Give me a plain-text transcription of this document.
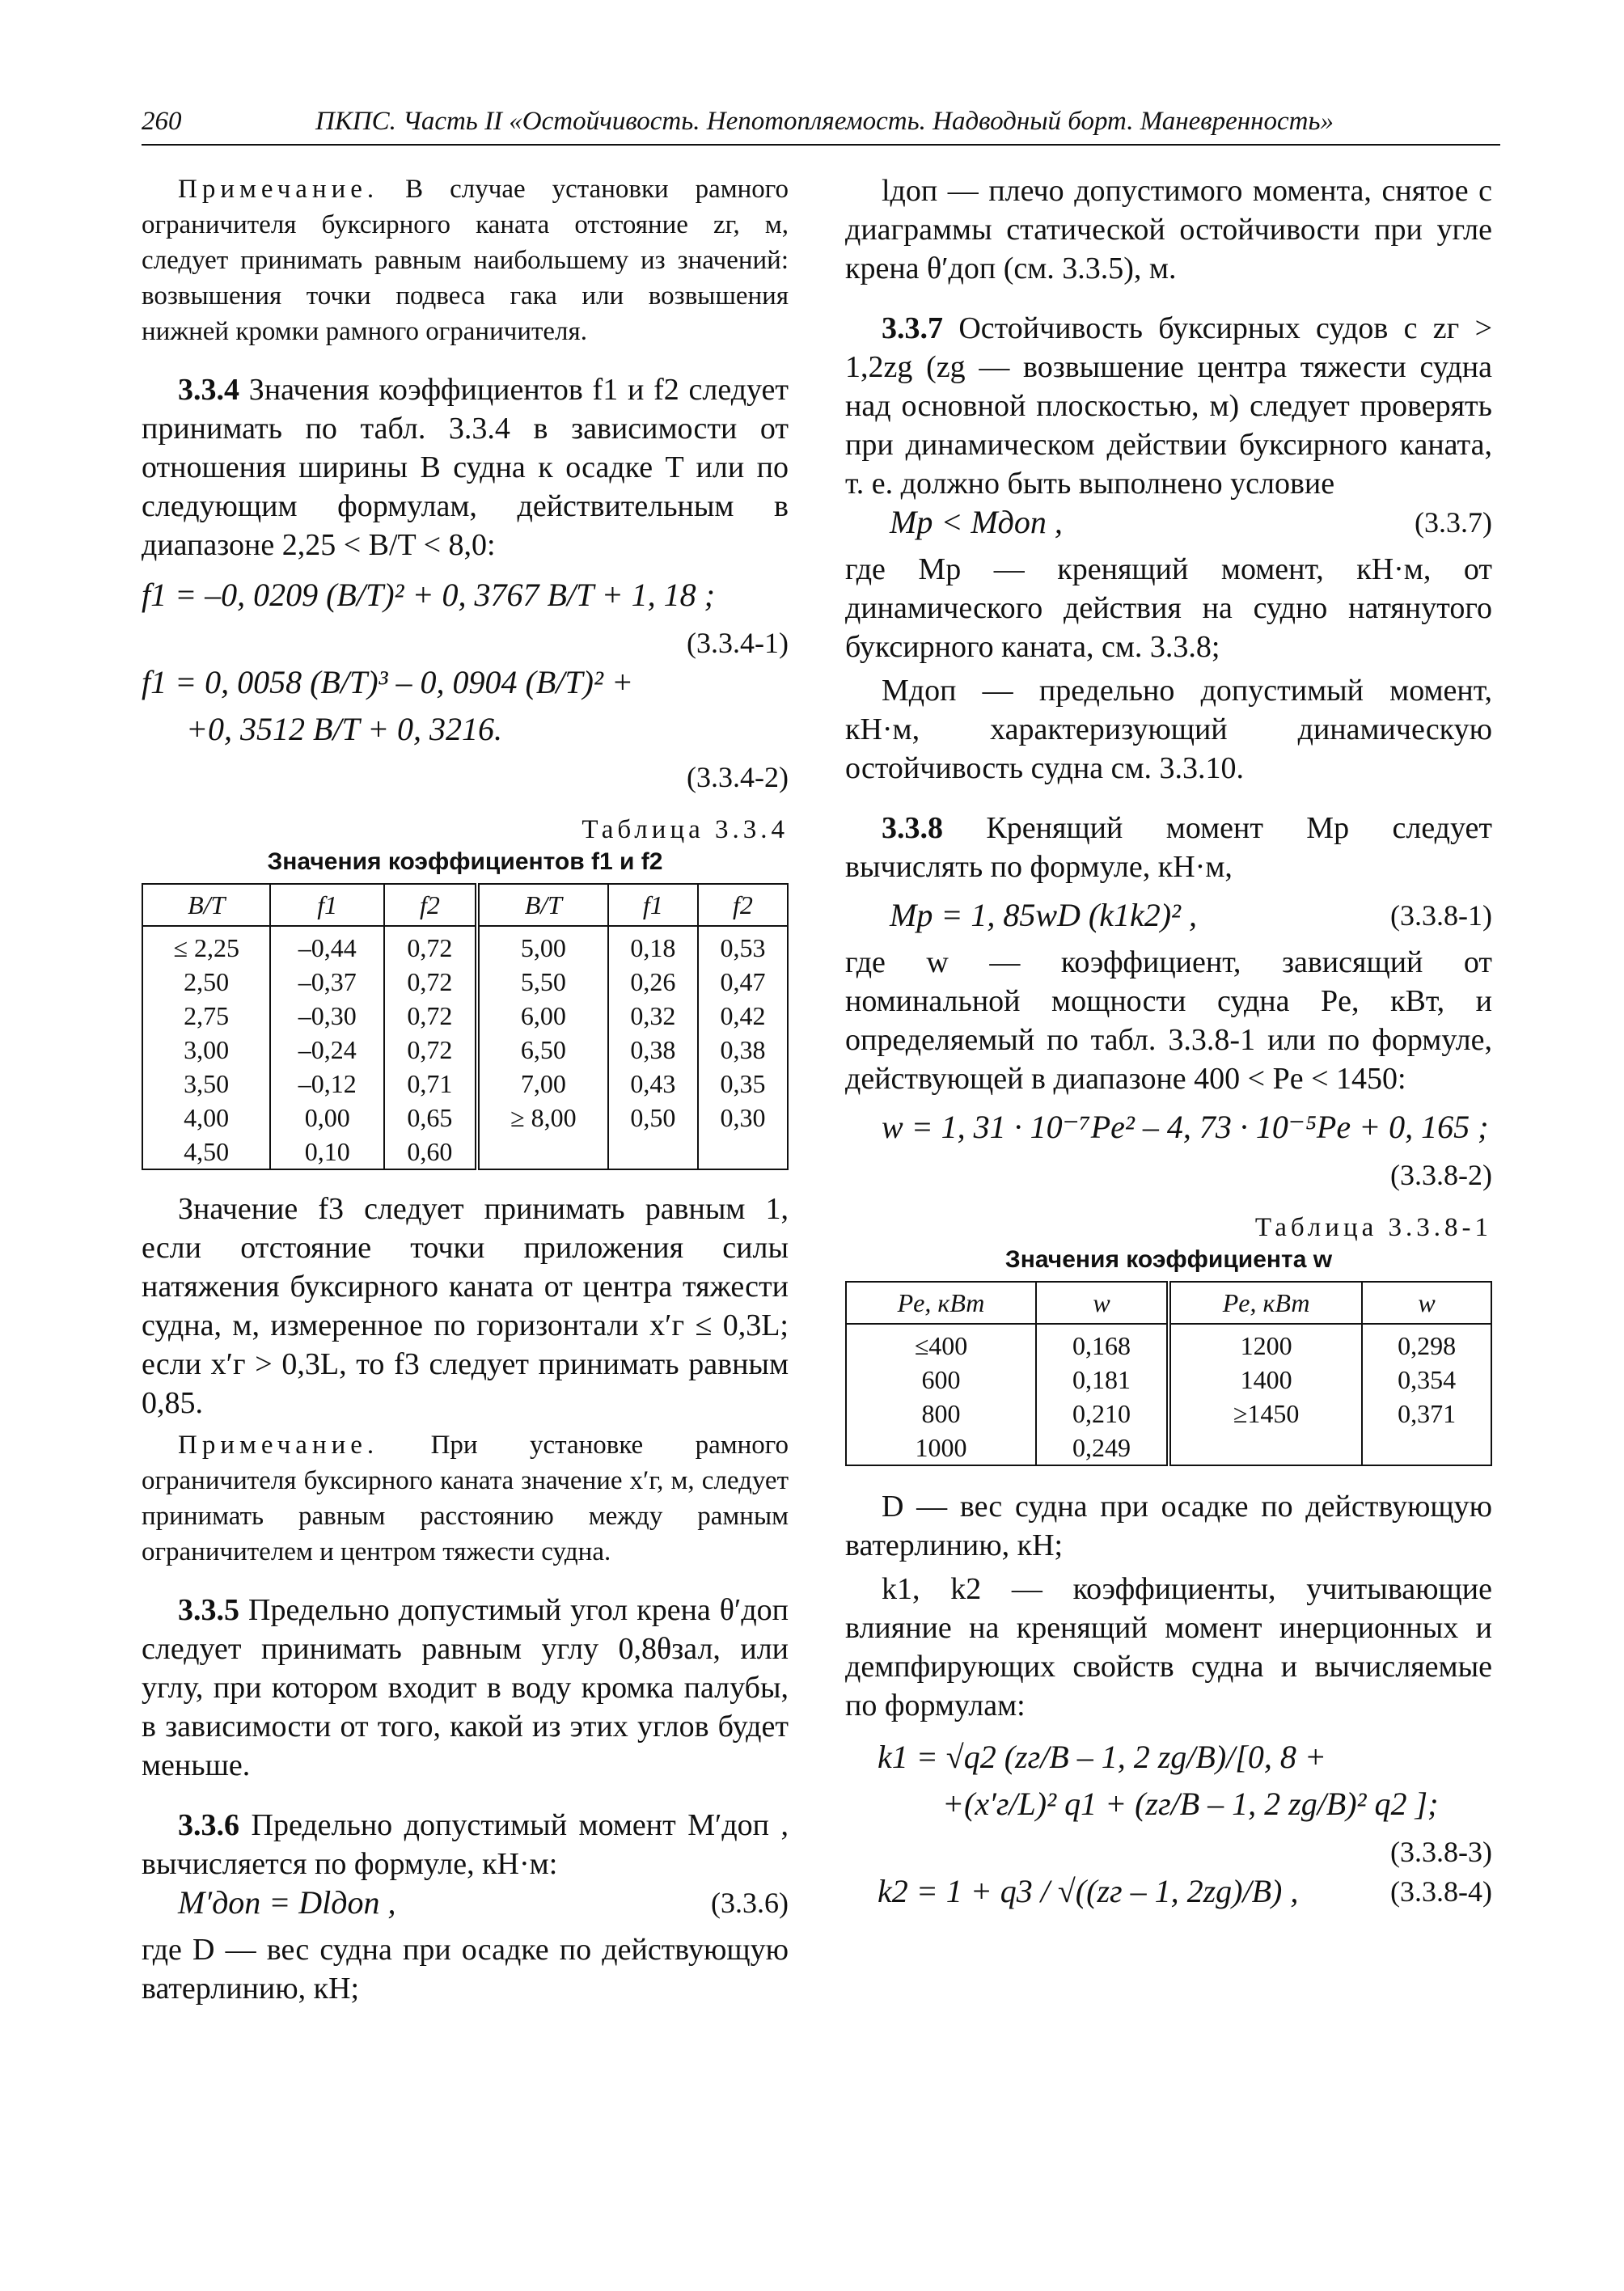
260	ПКПС. Часть II «Остойчивость. Непотопляемость. Надводный борт. Маневренность»

Примечание. В случае установки рамного ограничителя буксирного каната отстояние zг, м, следует принимать равным наибольшему из значений: возвышения точки подвеса гака или возвышения нижней кромки рамного ограничителя.

3.3.4 Значения коэффициентов f1 и f2 следует принимать по табл. 3.3.4 в зависимости от отношения ширины B судна к осадке T или по следующим формулам, действительным в диапазоне 2,25 < B/T < 8,0:

f1 = –0, 0209 (B/T)² + 0, 3767 B/T + 1, 18 ;
(3.3.4-1)
f1 = 0, 0058 (B/T)³ – 0, 0904 (B/T)² +
+0, 3512 B/T + 0, 3216.
(3.3.4-2)
Таблица 3.3.4
Значения коэффициентов f1 и f2
B/T	f1	f2	B/T	f1	f2
≤ 2,25	–0,44	0,72	5,00	0,18	0,53
2,50	–0,37	0,72	5,50	0,26	0,47
2,75	–0,30	0,72	6,00	0,32	0,42
3,00	–0,24	0,72	6,50	0,38	0,38
3,50	–0,12	0,71	7,00	0,43	0,35
4,00	0,00	0,65	≥ 8,00	0,50	0,30
4,50	0,10	0,60			

Значение f3 следует принимать равным 1, если отстояние точки приложения силы натяжения буксирного каната от центра тяжести судна, м, измеренное по горизонтали x′г ≤ 0,3L; если x′г > 0,3L, то f3 следует принимать равным 0,85.

Примечание. При установке рамного ограничителя буксирного каната значение x′г, м, следует принимать равным расстоянию между рамным ограничителем и центром тяжести судна.

3.3.5 Предельно допустимый угол крена θ′доп следует принимать равным углу 0,8θзал, или углу, при котором входит в воду кромка палубы, в зависимости от того, какой из этих углов будет меньше.

3.3.6 Предельно допустимый момент M′доп , вычисляется по формуле, кН·м:

M′доп = Dlдоп ,	(3.3.6)

где D — вес судна при осадке по действующую ватерлинию, кН;

lдоп — плечо допустимого момента, снятое с диаграммы статической остойчивости при угле крена θ′доп (см. 3.3.5), м.

3.3.7 Остойчивость буксирных судов с zг > 1,2zg (zg — возвышение центра тяжести судна над основной плоскостью, м) следует проверять при динамическом действии буксирного каната, т. е. должно быть выполнено условие

Mр < Mдоп ,	(3.3.7)

где Mр — кренящий момент, кН·м, от динамического действия на судно натянутого буксирного каната, см. 3.3.8;

Mдоп — предельно допустимый момент, кН·м, характеризующий динамическую остойчивость судна см. 3.3.10.

3.3.8 Кренящий момент Mр следует вычислять по формуле, кН·м,

Mр = 1, 85wD (k1k2)² ,	(3.3.8-1)

где w — коэффициент, зависящий от номинальной мощности судна Pе, кВт, и определяемый по табл. 3.3.8-1 или по формуле, действующей в диапазоне 400 < Pе < 1450:

w = 1, 31 · 10⁻⁷Pе² – 4, 73 · 10⁻⁵Pе + 0, 165 ;
(3.3.8-2)
Таблица 3.3.8-1
Значения коэффициента w
Pе, кВт	w	Pе, кВт	w
≤400	0,168	1200	0,298
600	0,181	1400	0,354
800	0,210	≥1450	0,371
1000	0,249		

D — вес судна при осадке по действующую ватерлинию, кН;

k1, k2 — коэффициенты, учитывающие влияние на кренящий момент инерционных и демпфирующих свойств судна и вычисляемые по формулам:

k1 = √q2 (zг/B – 1, 2 zg/B)/[0, 8 +
+(x′г/L)² q1 + (zг/B – 1, 2 zg/B)² q2 ];
(3.3.8-3)
k2 = 1 + q3 / √((zг – 1, 2zg)/B) ,	(3.3.8-4)
